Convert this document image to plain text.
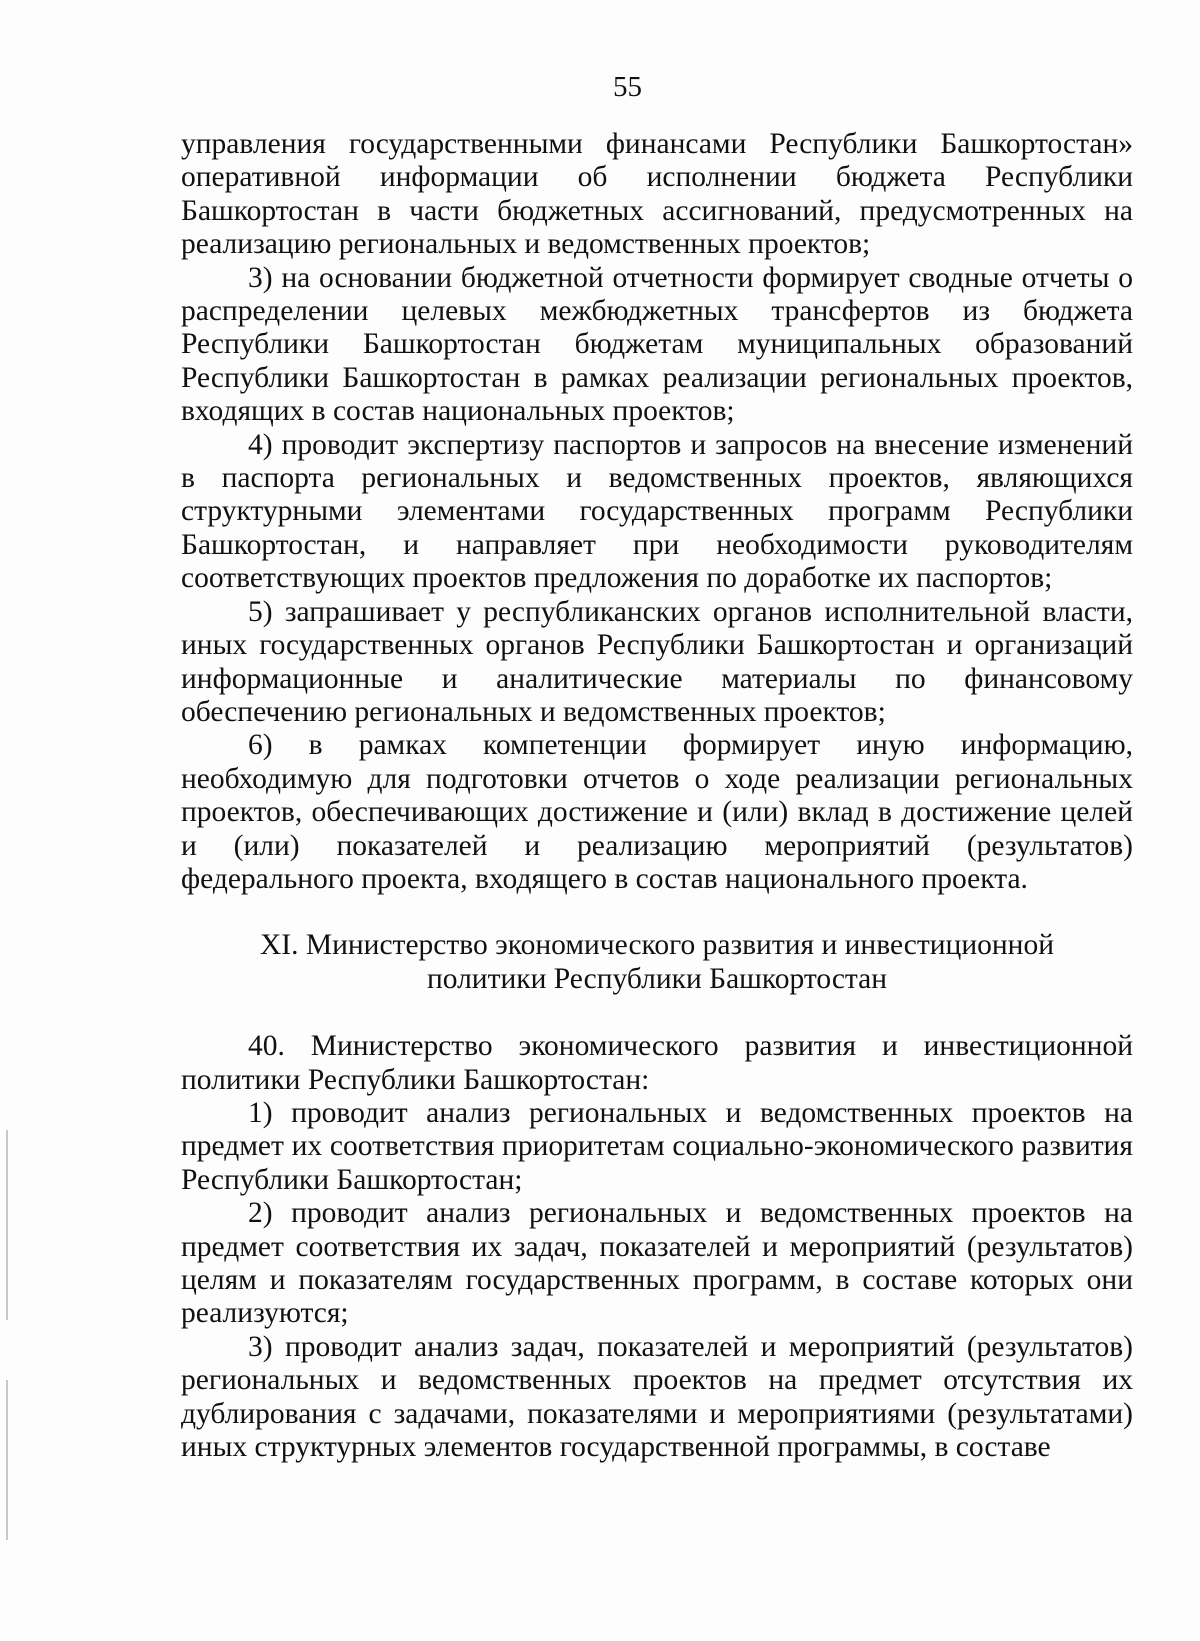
55

управления государственными финансами Республики Башкортостан» оперативной информации об исполнении бюджета Республики Башкортостан в части бюджетных ассигнований, предусмотренных на реализацию региональных и ведомственных проектов;

3) на основании бюджетной отчетности формирует сводные отчеты о распределении целевых межбюджетных трансфертов из бюджета Республики Башкортостан бюджетам муниципальных образований Республики Башкортостан в рамках реализации региональных проектов, входящих в состав национальных проектов;

4) проводит экспертизу паспортов и запросов на внесение изменений в паспорта региональных и ведомственных проектов, являющихся структурными элементами государственных программ Республики Башкортостан, и направляет при необходимости руководителям соответствующих проектов предложения по доработке их паспортов;

5) запрашивает у республиканских органов исполнительной власти, иных государственных органов Республики Башкортостан и организаций информационные и аналитические материалы по финансовому обеспечению региональных и ведомственных проектов;

6) в рамках компетенции формирует иную информацию, необходимую для подготовки отчетов о ходе реализации региональных проектов, обеспечивающих достижение и (или) вклад в достижение целей и (или) показателей и реализацию мероприятий (результатов) федерального проекта, входящего в состав национального проекта.

XI. Министерство экономического развития и инвестиционной
политики Республики Башкортостан

40. Министерство экономического развития и инвестиционной политики Республики Башкортостан:

1) проводит анализ региональных и ведомственных проектов на предмет их соответствия приоритетам социально-экономического развития Республики Башкортостан;

2) проводит анализ региональных и ведомственных проектов на предмет соответствия их задач, показателей и мероприятий (результатов) целям и показателям государственных программ, в составе которых они реализуются;

3) проводит анализ задач, показателей и мероприятий (результатов) региональных и ведомственных проектов на предмет отсутствия их дублирования с задачами, показателями и мероприятиями (результатами) иных структурных элементов государственной программы, в составе
